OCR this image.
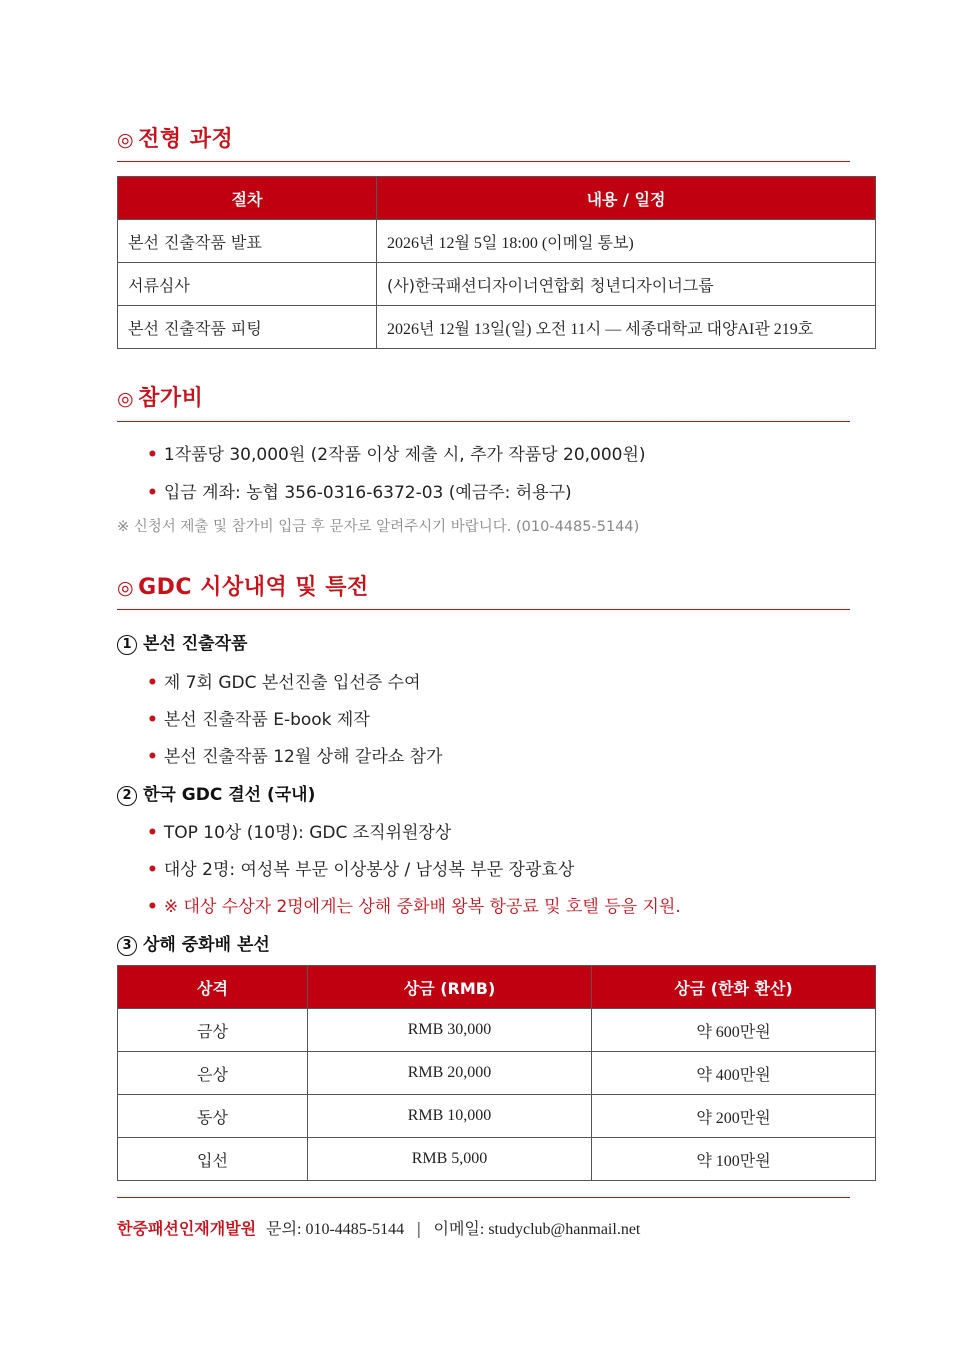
◎ 전형 과정
절차	내용 / 일정
본선 진출작품 발표	2026년 12월 5일 18:00 (이메일 통보)
서류심사	(사)한국패션디자이너연합회 청년디자이너그룹
본선 진출작품 피팅	2026년 12월 13일(일) 오전 11시 — 세종대학교 대양AI관 219호
◎ 참가비
• 1작품당 30,000원 (2작품 이상 제출 시, 추가 작품당 20,000원)
• 입금 계좌: 농협 356-0316-6372-03 (예금주: 허용구)
※ 신청서 제출 및 참가비 입금 후 문자로 알려주시기 바랍니다. (010-4485-5144)
◎ GDC 시상내역 및 특전
1 본선 진출작품
• 제 7회 GDC 본선진출 입선증 수여
• 본선 진출작품 E-book 제작
• 본선 진출작품 12월 상해 갈라쇼 참가
2 한국 GDC 결선 (국내)
• TOP 10상 (10명): GDC 조직위원장상
• 대상 2명: 여성복 부문 이상봉상 / 남성복 부문 장광효상
• ※ 대상 수상자 2명에게는 상해 중화배 왕복 항공료 및 호텔 등을 지원.
3 상해 중화배 본선
상격	상금 (RMB)	상금 (한화 환산)
금상	RMB 30,000	약 600만원
은상	RMB 20,000	약 400만원
동상	RMB 10,000	약 200만원
입선	RMB 5,000	약 100만원
한중패션인재개발원 문의: 010-4485-5144 | 이메일: studyclub@hanmail.net
